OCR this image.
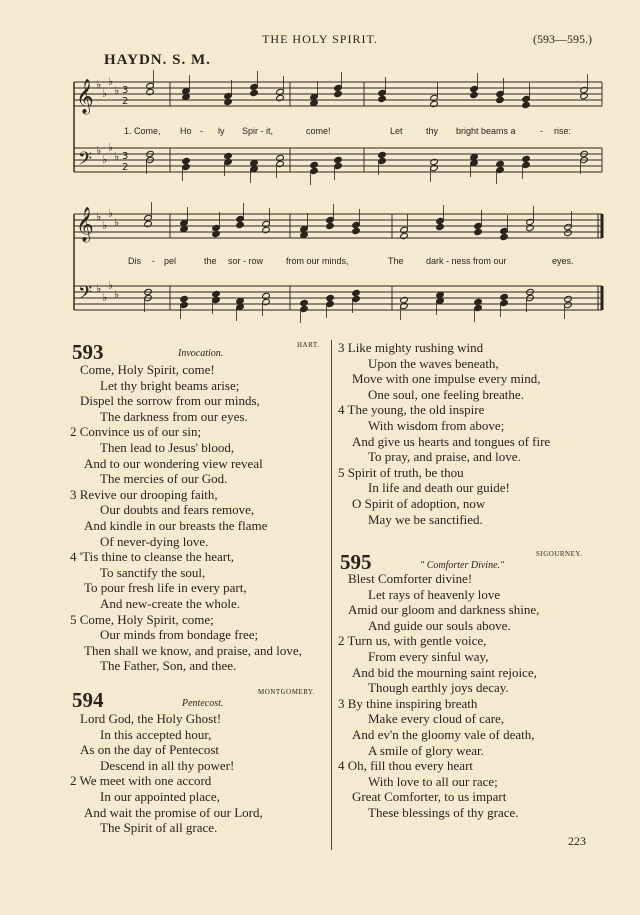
THE HOLY SPIRIT.	(593—595.)
HAYDN. S. M.
𝄞
𝄞
𝄢
𝄢
♭
♭
♭
♭
♭
♭
♭
♭
♭
♭
♭
♭
♭
♭
♭
♭
3
2
3
2
1. Come, Ho - ly Spir - it,	come!	Let	thy bright beams a	- rise:
Dis - pel	the sor - row	from our minds,	The dark - ness from our	eyes.
593	Invocation.
HART.
Come, Holy Spirit, come!
Let thy bright beams arise;
Dispel the sorrow from our minds,
The darkness from our eyes.
2 Convince us of our sin;
Then lead to Jesus' blood,
And to our wondering view reveal
The mercies of our God.
3 Revive our drooping faith,
Our doubts and fears remove,
And kindle in our breasts the flame
Of never-dying love.
4 'Tis thine to cleanse the heart,
To sanctify the soul,
To pour fresh life in every part,
And new-create the whole.
5 Come, Holy Spirit, come;
Our minds from bondage free;
Then shall we know, and praise, and love,
The Father, Son, and thee.
594	Pentecost.
MONTGOMERY.
Lord God, the Holy Ghost!
In this accepted hour,
As on the day of Pentecost
Descend in all thy power!
2 We meet with one accord
In our appointed place,
And wait the promise of our Lord,
The Spirit of all grace.
3 Like mighty rushing wind
Upon the waves beneath,
Move with one impulse every mind,
One soul, one feeling breathe.
4 The young, the old inspire
With wisdom from above;
And give us hearts and tongues of fire
To pray, and praise, and love.
5 Spirit of truth, be thou
In life and death our guide!
O Spirit of adoption, now
May we be sanctified.
595	" Comforter Divine."
SIGOURNEY.
Blest Comforter divine!
Let rays of heavenly love
Amid our gloom and darkness shine,
And guide our souls above.
2 Turn us, with gentle voice,
From every sinful way,
And bid the mourning saint rejoice,
Though earthly joys decay.
3 By thine inspiring breath
Make every cloud of care,
And ev'n the gloomy vale of death,
A smile of glory wear.
4 Oh, fill thou every heart
With love to all our race;
Great Comforter, to us impart
These blessings of thy grace.
223
